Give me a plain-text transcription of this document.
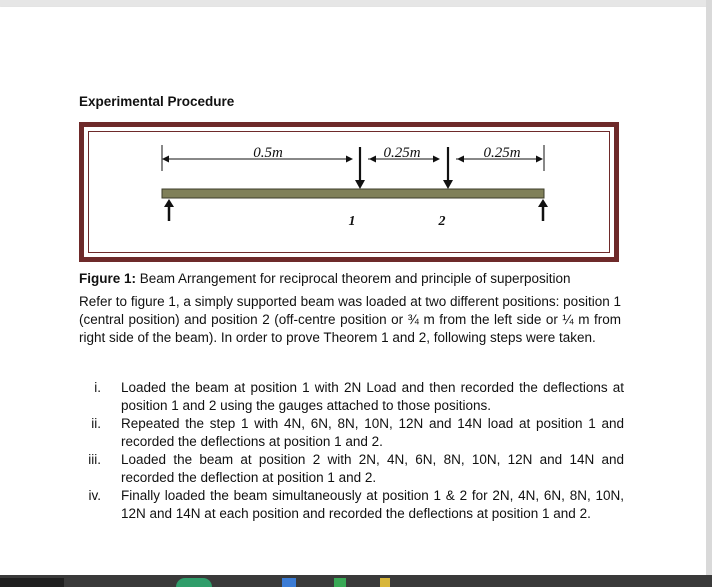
Experimental Procedure
0.5m	0.25m	0.25m
1	2

Figure 1: Beam Arrangement for reciprocal theorem and principle of superposition

Refer to figure 1, a simply supported beam was loaded at two different positions: position 1 (central position) and position 2 (off-centre position or ¾ m from the left side or ¼ m from right side of the beam). In order to prove Theorem 1 and 2, following steps were taken.

i. Loaded the beam at position 1 with 2N Load and then recorded the deflections at position 1 and 2 using the gauges attached to those positions.
ii. Repeated the step 1 with 4N, 6N, 8N, 10N, 12N and 14N load at position 1 and recorded the deflections at position 1 and 2.
iii. Loaded the beam at position 2 with 2N, 4N, 6N, 8N, 10N, 12N and 14N and recorded the deflection at position 1 and 2.
iv. Finally loaded the beam simultaneously at position 1 & 2 for 2N, 4N, 6N, 8N, 10N, 12N and 14N at each position and recorded the deflections at position 1 and 2.
